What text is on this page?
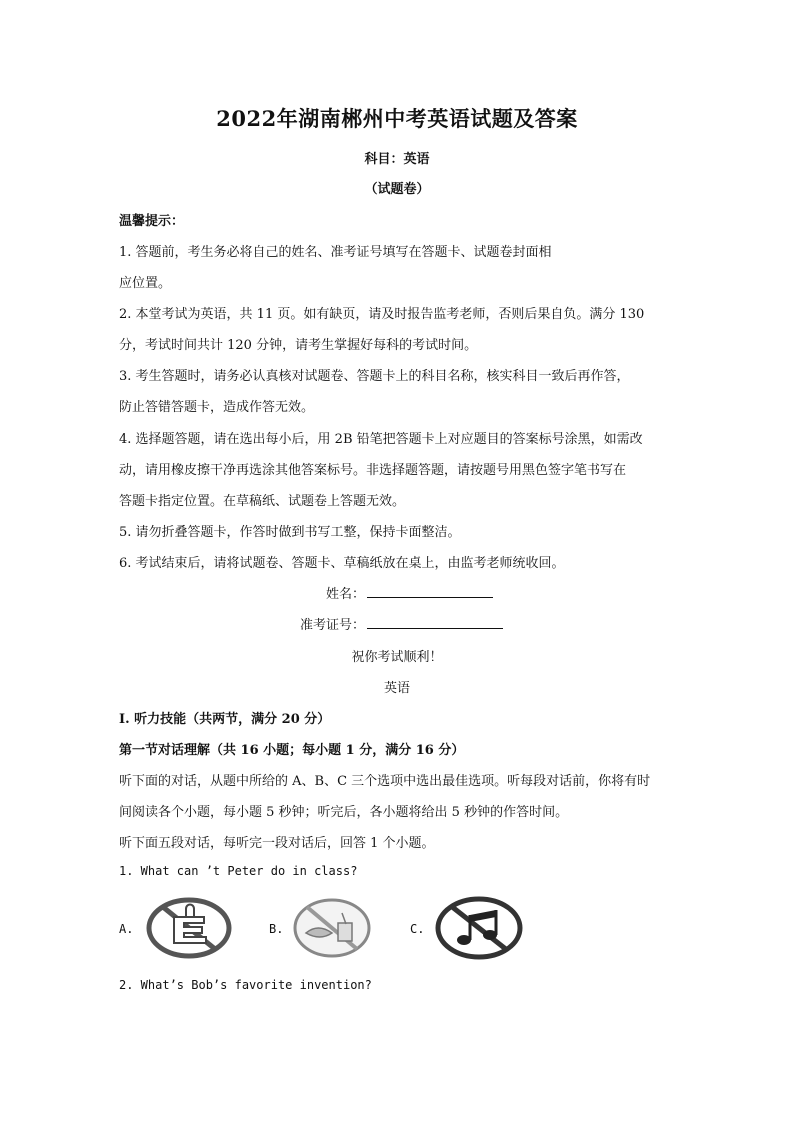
2022年湖南郴州中考英语试题及答案
科目：英语
（试题卷）
温馨提示：
1. 答题前，考生务必将自己的姓名、准考证号填写在答题卡、试题卷封面相
应位置。
2. 本堂考试为英语，共 11 页。如有缺页，请及时报告监考老师，否则后果自负。满分 130
分，考试时间共计 120 分钟，请考生掌握好每科的考试时间。
3. 考生答题时，请务必认真核对试题卷、答题卡上的科目名称，核实科目一致后再作答，
防止答错答题卡，造成作答无效。
4. 选择题答题，请在选出每小后，用 2B 铅笔把答题卡上对应题目的答案标号涂黑，如需改
动，请用橡皮擦干净再选涂其他答案标号。非选择题答题，请按题号用黑色签字笔书写在
答题卡指定位置。在草稿纸、试题卷上答题无效。
5. 请勿折叠答题卡，作答时做到书写工整，保持卡面整洁。
6. 考试结束后，请将试题卷、答题卡、草稿纸放在桌上，由监考老师统收回。
姓名：
准考证号：
祝你考试顺利！
英语
I. 听力技能（共两节，满分 20 分）
第一节对话理解（共 16 小题；每小题 1 分，满分 16 分）
听下面的对话，从题中所给的 A、B、C 三个选项中选出最佳选项。听每段对话前，你将有时
间阅读各个小题，每小题 5 秒钟；听完后，各小题将给出 5 秒钟的作答时间。
听下面五段对话，每听完一段对话后，回答 1 个小题。
1. What can ’t Peter do in class?
A.	B.	C.
2. What’s Bob’s favorite invention?
